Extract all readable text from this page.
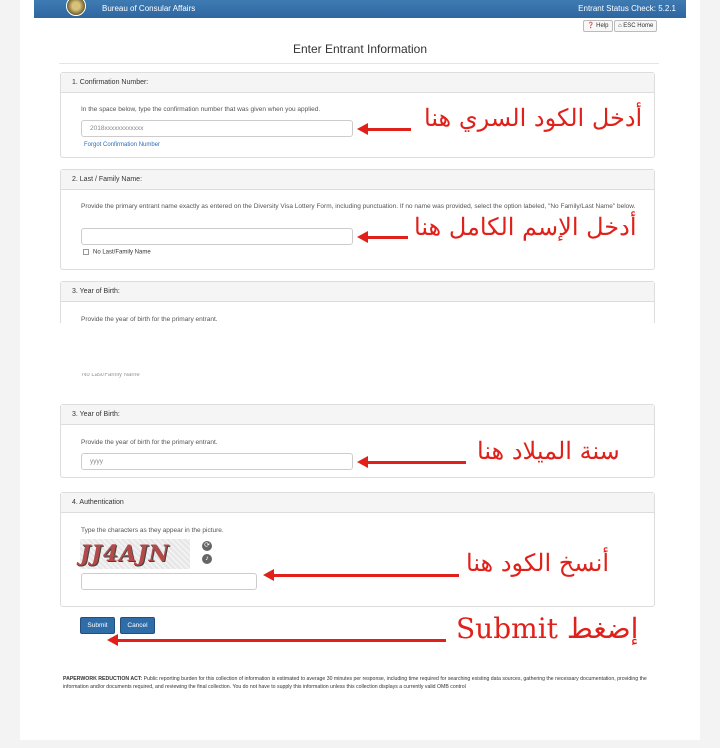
Bureau of Consular Affairs	Entrant Status Check: 5.2.1
❓ Help	⌂ ESC Home
Enter Entrant Information
1. Confirmation Number:
In the space below, type the confirmation number that was given when you applied.
2018xxxxxxxxxxxx
Forgot Confirmation Number
2. Last / Family Name:
Provide the primary entrant name exactly as entered on the Diversity Visa Lottery Form, including punctuation. If no name was provided, select the option labeled, "No Family/Last Name" below.
No Last/Family Name
3. Year of Birth:
Provide the year of birth for the primary entrant.
أدخل الكود السري هنا
أدخل الإسم الكامل هنا
No Last/Family Name
3. Year of Birth:
Provide the year of birth for the primary entrant.
yyyy
4. Authentication
Type the characters as they appear in the picture.
JJ4AJN	⟳
♪
Submit	Cancel
PAPERWORK REDUCTION ACT: Public reporting burden for this collection of information is estimated to average 30 minutes per response, including time required for searching existing data sources, gathering the necessary documentation, providing the information and/or documents required, and reviewing the final collection. You do not have to supply this information unless this collection displays a currently valid OMB control
سنة الميلاد هنا
أنسخ الكود هنا
Submit إضغط
